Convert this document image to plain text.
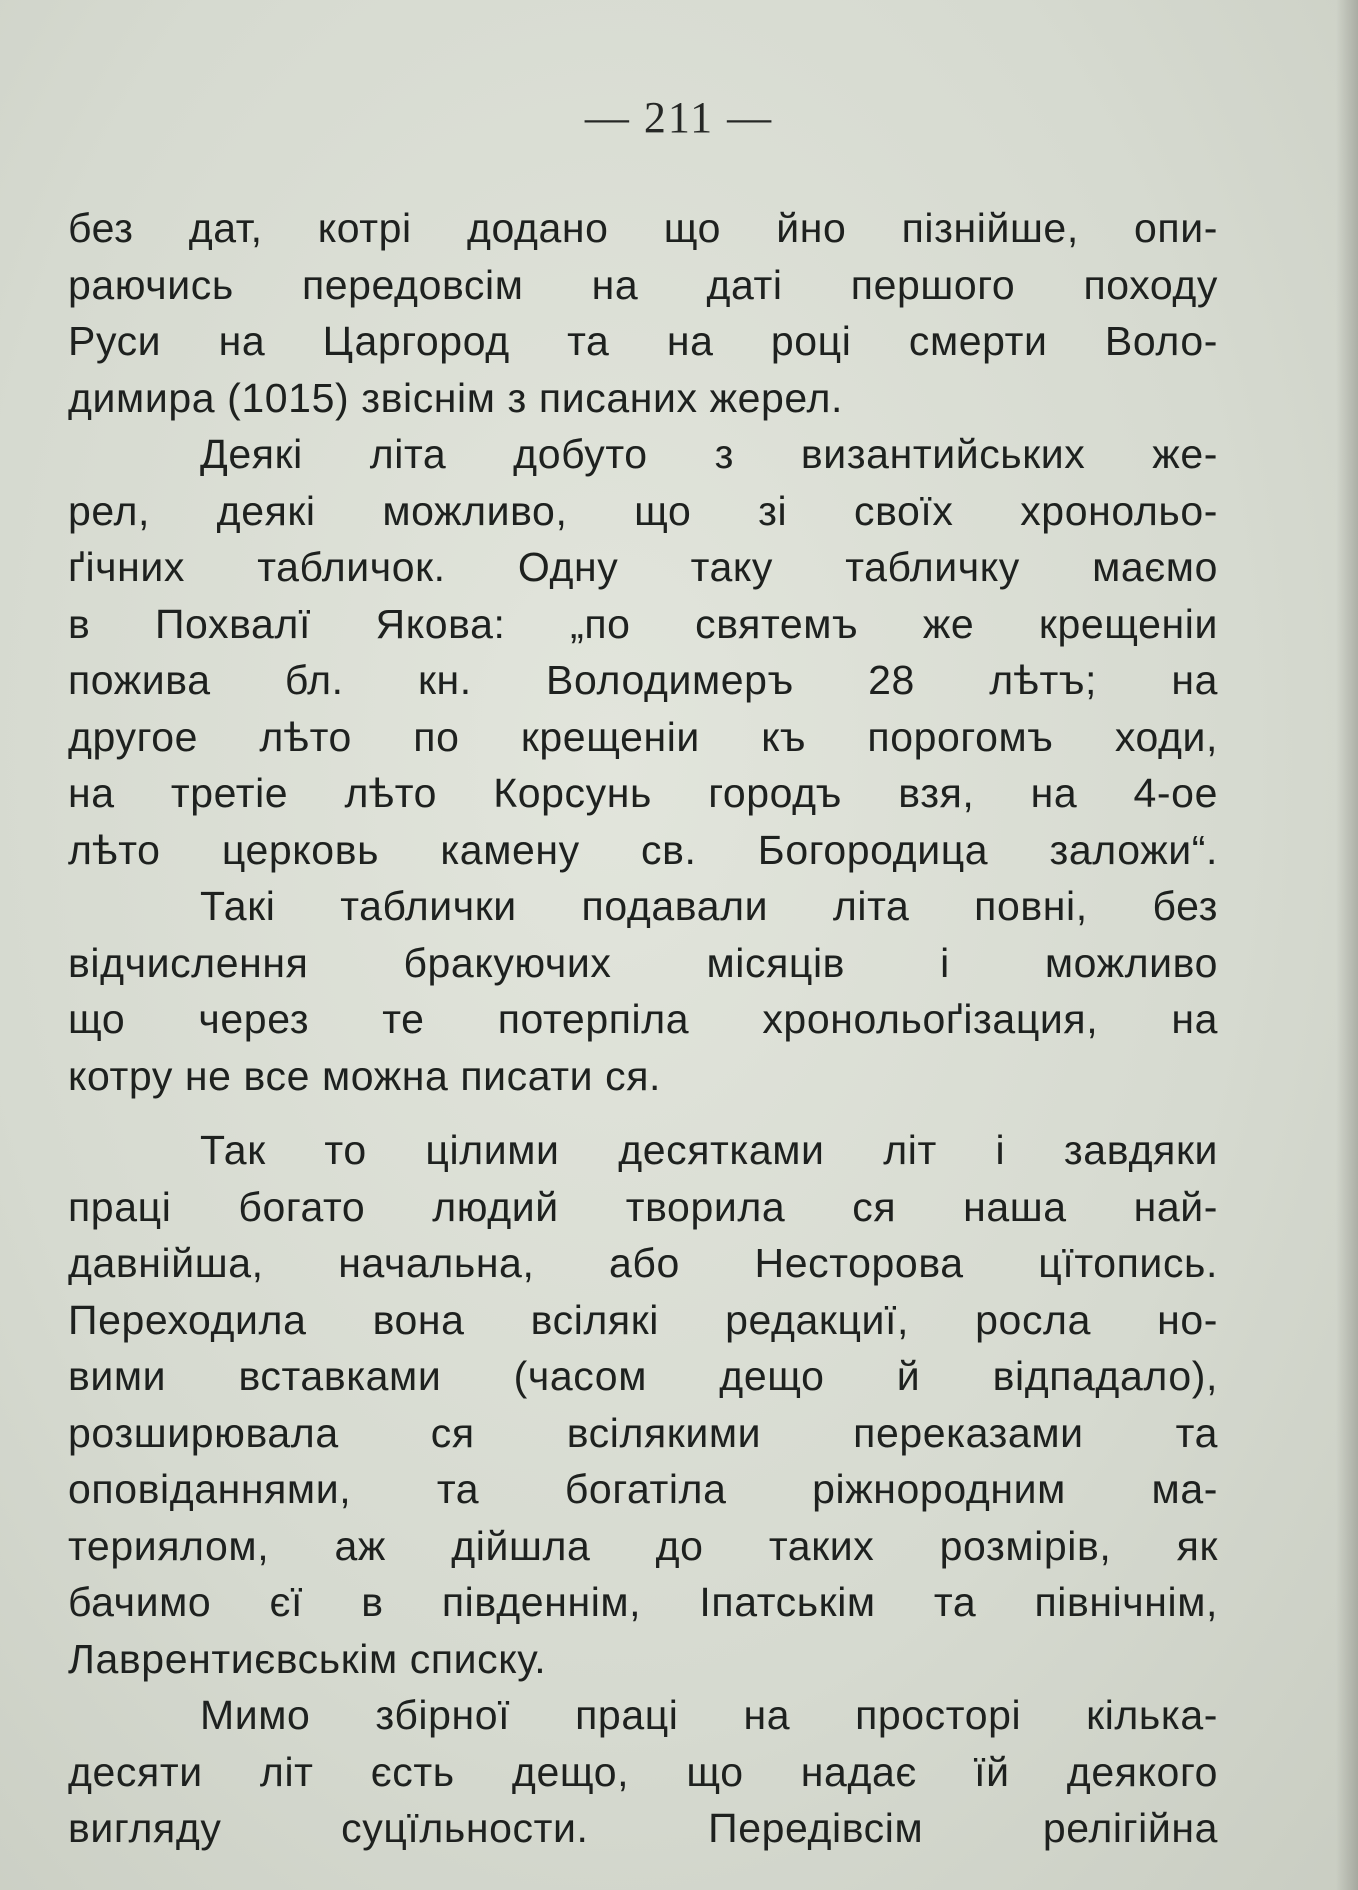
— 211 —
без дат, котрі додано що йно пізнійше, опи-
раючись передовсім на даті першого походу
Руси на Царгород та на році смерти Воло-
димира (1015) звіснім з писаних жерел.
Деякі літа добуто з византийських же-
рел, деякі можливо, що зі своїх хронольо-
ґічних табличок. Одну таку табличку маємо
в Похвалї Якова: „по святемъ же крещеніи
пожива бл. кн. Володимеръ 28 лѣтъ; на
другое лѣто по крещеніи къ порогомъ ходи,
на третіе лѣто Корсунь городъ взя, на 4-ое
лѣто церковь камену св. Богородица заложи“.
Такі таблички подавали літа повні, без
відчислення бракуючих місяців і можливо
що через те потерпіла хронольоґізация, на
котру не все можна писати ся.
Так то цілими десятками літ і завдяки
праці богато людий творила ся наша най-
давнійша, начальна, або Несторова цїтопись.
Переходила вона всілякі редакциї, росла но-
вими вставками (часом дещо й відпадало),
розширювала ся всілякими переказами та
оповіданнями, та богатіла ріжнородним ма-
териялом, аж дійшла до таких розмірів, як
бачимо єї в південнім, Іпатськім та північнім,
Лаврентиєвськім списку.
Мимо збірної праці на просторі кілька-
десяти літ єсть дещо, що надає їй деякого
вигляду суцїльности. Передівсім релігійна
